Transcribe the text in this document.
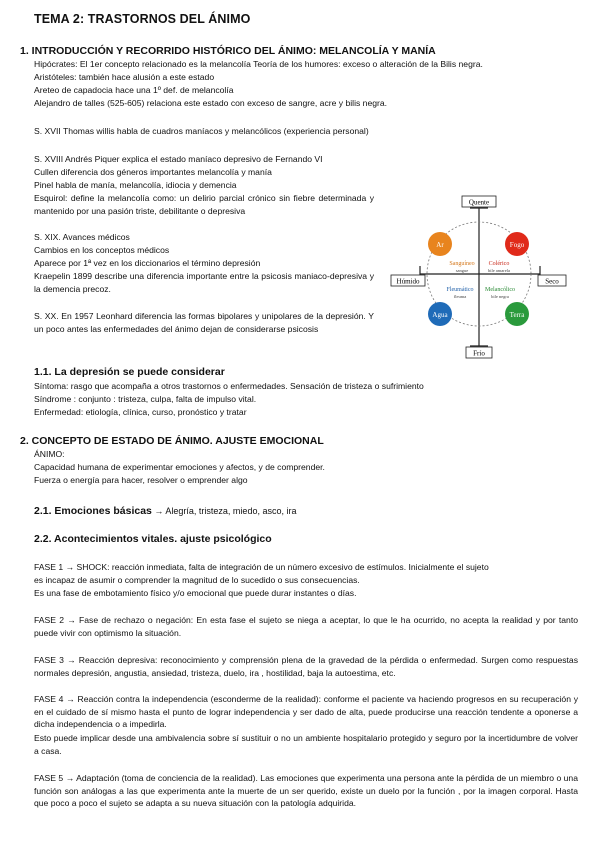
TEMA 2: TRASTORNOS DEL ÁNIMO
1. INTRODUCCIÓN Y RECORRIDO HISTÓRICO DEL ÁNIMO: MELANCOLÍA Y MANÍA
Hipócrates: El 1er concepto relacionado es la melancolía Teoría de los humores: exceso o alteración de la Bilis negra.
Aristóteles: también hace alusión a este estado
Areteo de capadocia hace una 1º def. de melancolía
Alejandro de talles (525-605) relaciona este estado con exceso de sangre, acre y bilis negra.
S. XVII Thomas willis habla de cuadros maníacos y melancólicos (experiencia personal)
S. XVIII Andrés Piquer explica el estado maníaco depresivo de Fernando VI
Cullen diferencia dos géneros importantes melancolía y manía
Pinel habla de manía, melancolía, idiocia y demencia
Esquirol: define la melancolía como: un delirio parcial crónico sin fiebre determinada y mantenido por una pasión triste, debilitante o depresiva
S. XIX. Avances médicos
Cambios en los conceptos médicos
Aparece por 1ª vez en los diccionarios el término depresión
Kraepelin 1899 describe una diferencia importante entre la psicosis maniaco-depresiva y la demencia precoz.
S. XX. En 1957 Leonhard diferencia las formas bipolares y unipolares de la depresión. Y un poco antes las enfermedades del ánimo dejan de considerarse psicosis
Quente
Frío
Húmido	Seco
Ar	Fogo
Agua	Terra
Sanguíneo
sangue
Colérico
bile amarela
Fleumático
fleuma
Melancólico
bile negra
1.1. La depresión se puede considerar
Síntoma: rasgo que acompaña a otros trastornos o enfermedades. Sensación de tristeza o sufrimiento
Síndrome : conjunto : tristeza, culpa, falta de impulso vital.
Enfermedad: etiología, clínica, curso, pronóstico y tratar
2. CONCEPTO DE ESTADO DE ÁNIMO. AJUSTE EMOCIONAL
ÁNIMO:
Capacidad humana de experimentar emociones y afectos, y de comprender.
Fuerza o energía para hacer, resolver o emprender algo
2.1. Emociones básicas → Alegría, tristeza, miedo, asco, ira
2.2. Acontecimientos vitales. ajuste psicológico
FASE 1 → SHOCK: reacción inmediata, falta de integración de un número excesivo de estímulos. Inicialmente el sujeto
es incapaz de asumir o comprender la magnitud de lo sucedido o sus consecuencias.
Es una fase de embotamiento físico y/o emocional que puede durar instantes o días.
FASE 2 → Fase de rechazo o negación: En esta fase el sujeto se niega a aceptar, lo que le ha ocurrido, no acepta la realidad y por tanto puede vivir con optimismo la situación.
FASE 3 → Reacción depresiva: reconocimiento y comprensión plena de la gravedad de la pérdida o enfermedad. Surgen como respuestas normales depresión, angustia, ansiedad, tristeza, duelo, ira , hostilidad, baja la autoestima, etc.
FASE 4 → Reacción contra la independencia (esconderme de la realidad): conforme el paciente va haciendo progresos en su recuperación y en el cuidado de sí mismo hasta el punto de lograr independencia y ser dado de alta, puede producirse una reacción tendente a oponerse a dicha independencia o a impedirla.
Esto puede implicar desde una ambivalencia sobre sí sustituir o no un ambiente hospitalario protegido y seguro por la incertidumbre de volver a casa.
FASE 5 → Adaptación (toma de conciencia de la realidad). Las emociones que experimenta una persona ante la pérdida de un miembro o una función son análogas a las que experimenta ante la muerte de un ser querido, existe un duelo por la función , por la imagen corporal. Hasta que poco a poco el sujeto se adapta a su nueva situación con la patología adquirida.
